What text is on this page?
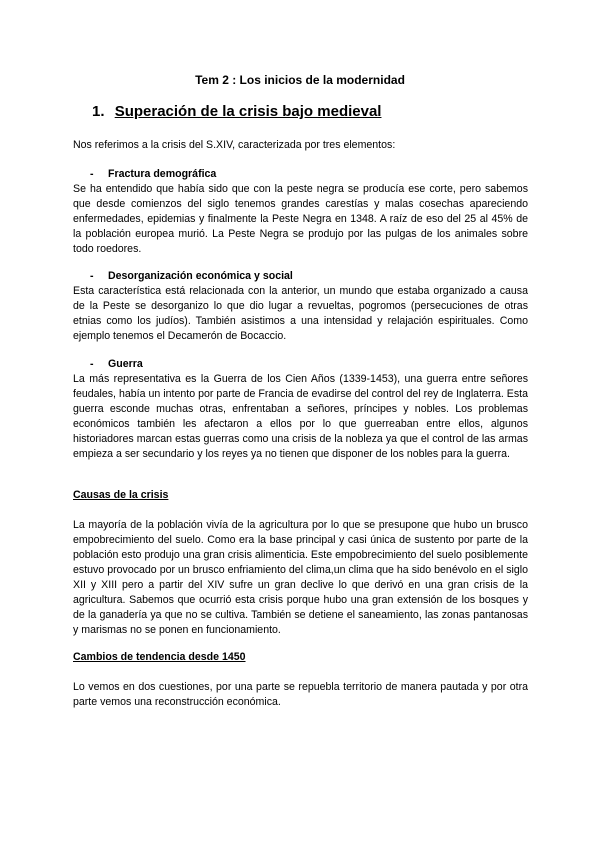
Tem 2 : Los inicios de la modernidad
1. Superación de la crisis bajo medieval

Nos referimos a la crisis del S.XIV, caracterizada por tres elementos:

- Fractura demográfica

Se ha entendido que había sido que con la peste negra se producía ese corte, pero sabemos que desde comienzos del siglo tenemos grandes carestías y malas cosechas apareciendo enfermedades, epidemias y finalmente la Peste Negra en 1348. A raíz de eso del 25 al 45% de la población europea murió. La Peste Negra se produjo por las pulgas de los animales sobre todo roedores.

- Desorganización económica y social

Esta característica está relacionada con la anterior, un mundo que estaba organizado a causa de la Peste se desorganizo lo que dio lugar a revueltas, pogromos (persecuciones de otras etnias como los judíos). También asistimos a una intensidad y relajación espirituales. Como ejemplo tenemos el Decamerón de Bocaccio.

- Guerra

La más representativa es la Guerra de los Cien Años (1339-1453), una guerra entre señores feudales, había un intento por parte de Francia de evadirse del control del rey de Inglaterra. Esta guerra esconde muchas otras, enfrentaban a señores, príncipes y nobles. Los problemas económicos también les afectaron a ellos por lo que guerreaban entre ellos, algunos historiadores marcan estas guerras como una crisis de la nobleza ya que el control de las armas empieza a ser secundario y los reyes ya no tienen que disponer de los nobles para la guerra.

Causas de la crisis

La mayoría de la población vivía de la agricultura por lo que se presupone que hubo un brusco empobrecimiento del suelo. Como era la base principal y casi única de sustento por parte de la población esto produjo una gran crisis alimenticia. Este empobrecimiento del suelo posiblemente estuvo provocado por un brusco enfriamiento del clima,un clima que ha sido benévolo en el siglo XII y XIII pero a partir del XIV sufre un gran declive lo que derivó en una gran crisis de la agricultura. Sabemos que ocurrió esta crisis porque hubo una gran extensión de los bosques y de la ganadería ya que no se cultiva. También se detiene el saneamiento, las zonas pantanosas y marismas no se ponen en funcionamiento.

Cambios de tendencia desde 1450

Lo vemos en dos cuestiones, por una parte se repuebla territorio de manera pautada y por otra parte vemos una reconstrucción económica.
